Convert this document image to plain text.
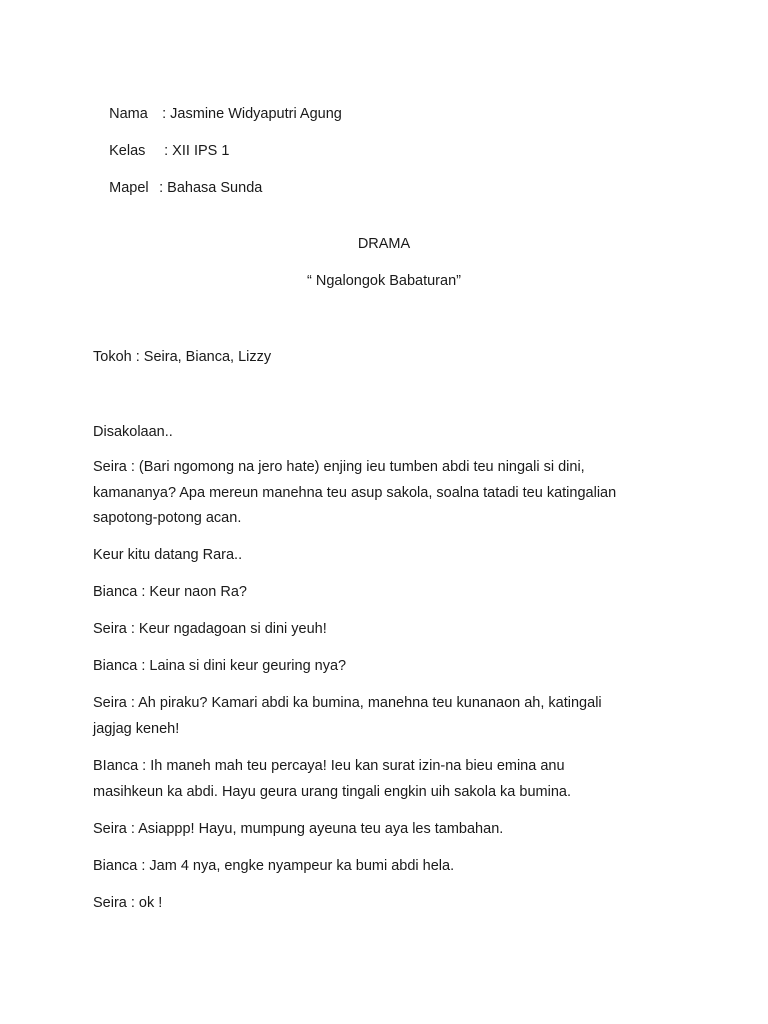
Nama : Jasmine Widyaputri Agung

Kelas : XII IPS 1

Mapel : Bahasa Sunda

DRAMA
“ Ngalongok Babaturan”
Tokoh : Seira, Bianca, Lizzy
Disakolaan..
Seira : (Bari ngomong na jero hate) enjing ieu tumben abdi teu ningali si dini,
kamananya? Apa mereun manehna teu asup sakola, soalna tatadi teu katingalian
sapotong-potong acan.
Keur kitu datang Rara..
Bianca : Keur naon Ra?
Seira : Keur ngadagoan si dini yeuh!
Bianca : Laina si dini keur geuring nya?
Seira : Ah piraku? Kamari abdi ka bumina, manehna teu kunanaon ah, katingali
jagjag keneh!
BIanca : Ih maneh mah teu percaya! Ieu kan surat izin-na bieu emina anu
masihkeun ka abdi. Hayu geura urang tingali engkin uih sakola ka bumina.
Seira : Asiappp! Hayu, mumpung ayeuna teu aya les tambahan.
Bianca : Jam 4 nya, engke nyampeur ka bumi abdi hela.
Seira : ok !
